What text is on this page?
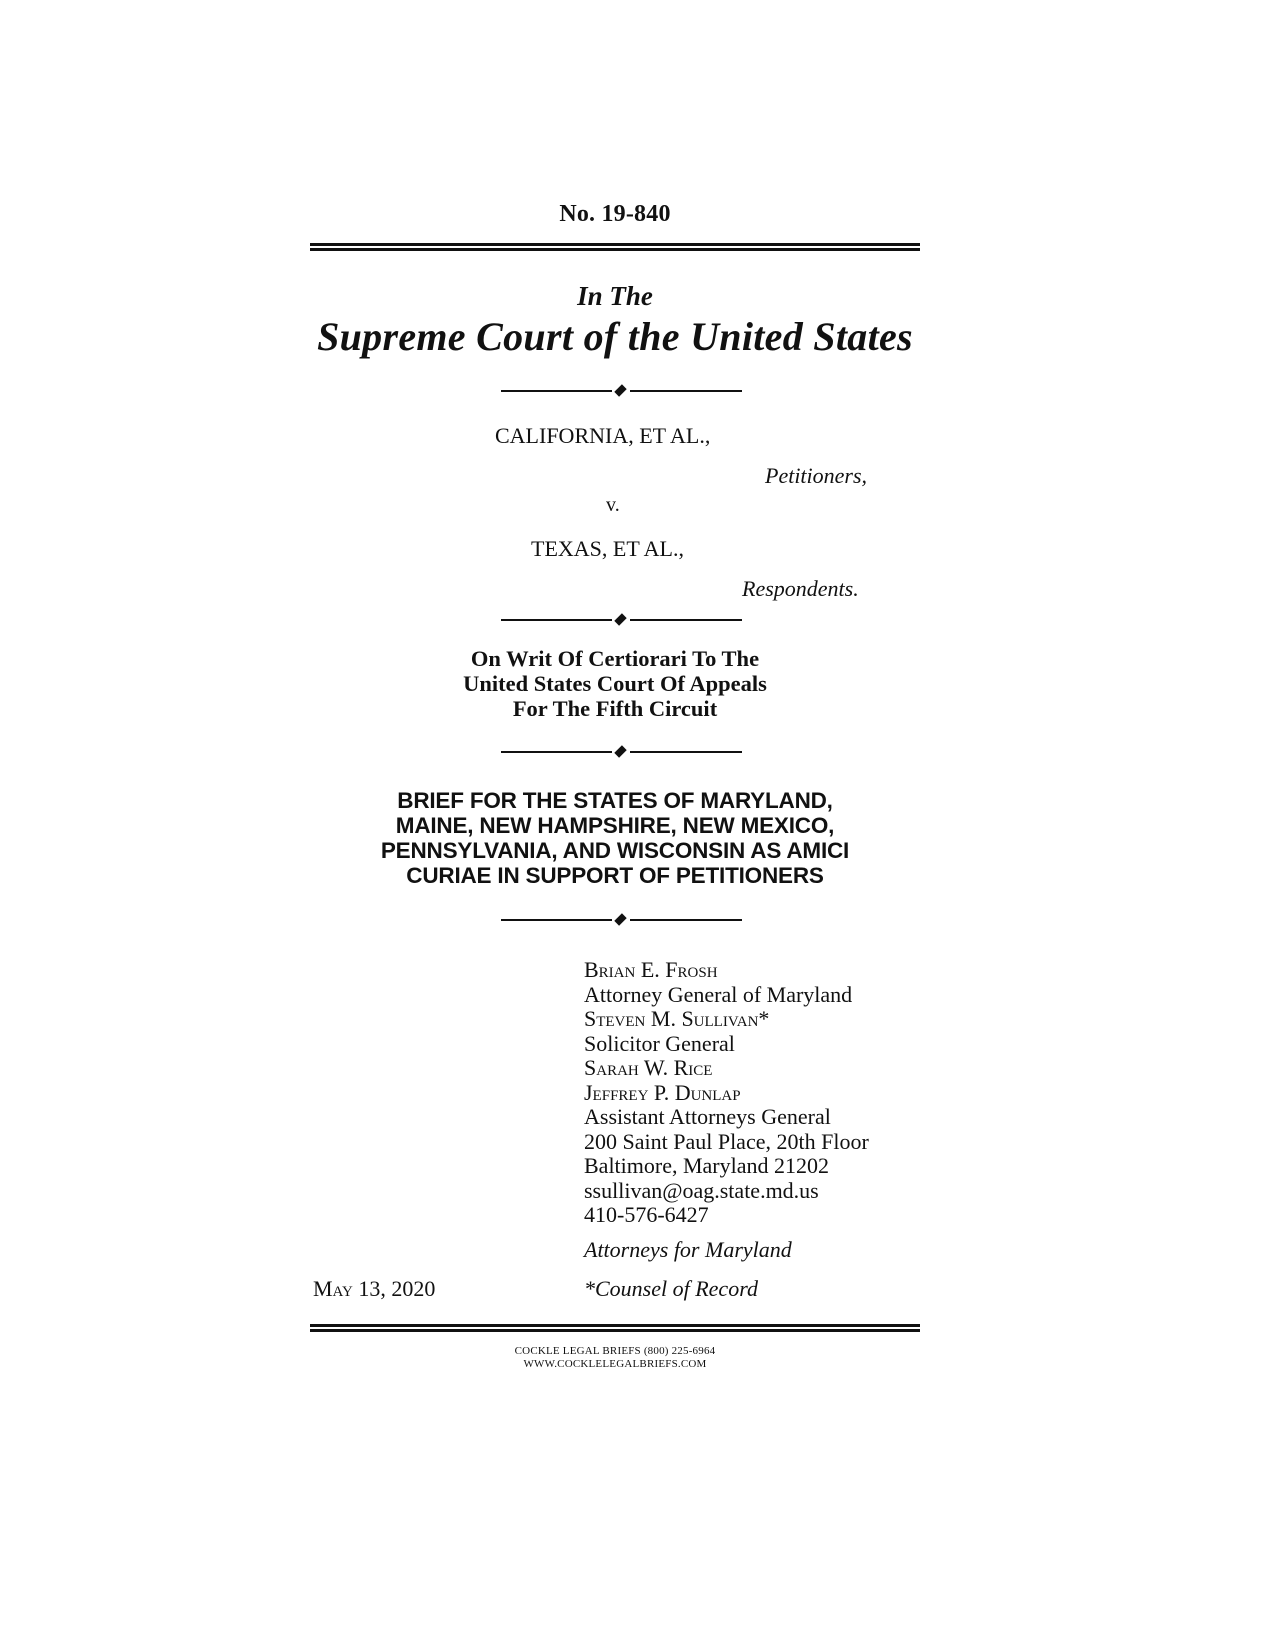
No. 19-840
In The
Supreme Court of the United States
CALIFORNIA, ET AL.,
Petitioners,
v.
TEXAS, ET AL.,
Respondents.
On Writ Of Certiorari To The
United States Court Of Appeals
For The Fifth Circuit
BRIEF FOR THE STATES OF MARYLAND,
MAINE, NEW HAMPSHIRE, NEW MEXICO,
PENNSYLVANIA, AND WISCONSIN AS AMICI
CURIAE IN SUPPORT OF PETITIONERS
Brian E. Frosh
Attorney General of Maryland
Steven M. Sullivan*
Solicitor General
Sarah W. Rice
Jeffrey P. Dunlap
Assistant Attorneys General
200 Saint Paul Place, 20th Floor
Baltimore, Maryland 21202
ssullivan@oag.state.md.us
410-576-6427
Attorneys for Maryland
May 13, 2020	*Counsel of Record
COCKLE LEGAL BRIEFS (800) 225-6964
WWW.COCKLELEGALBRIEFS.COM
